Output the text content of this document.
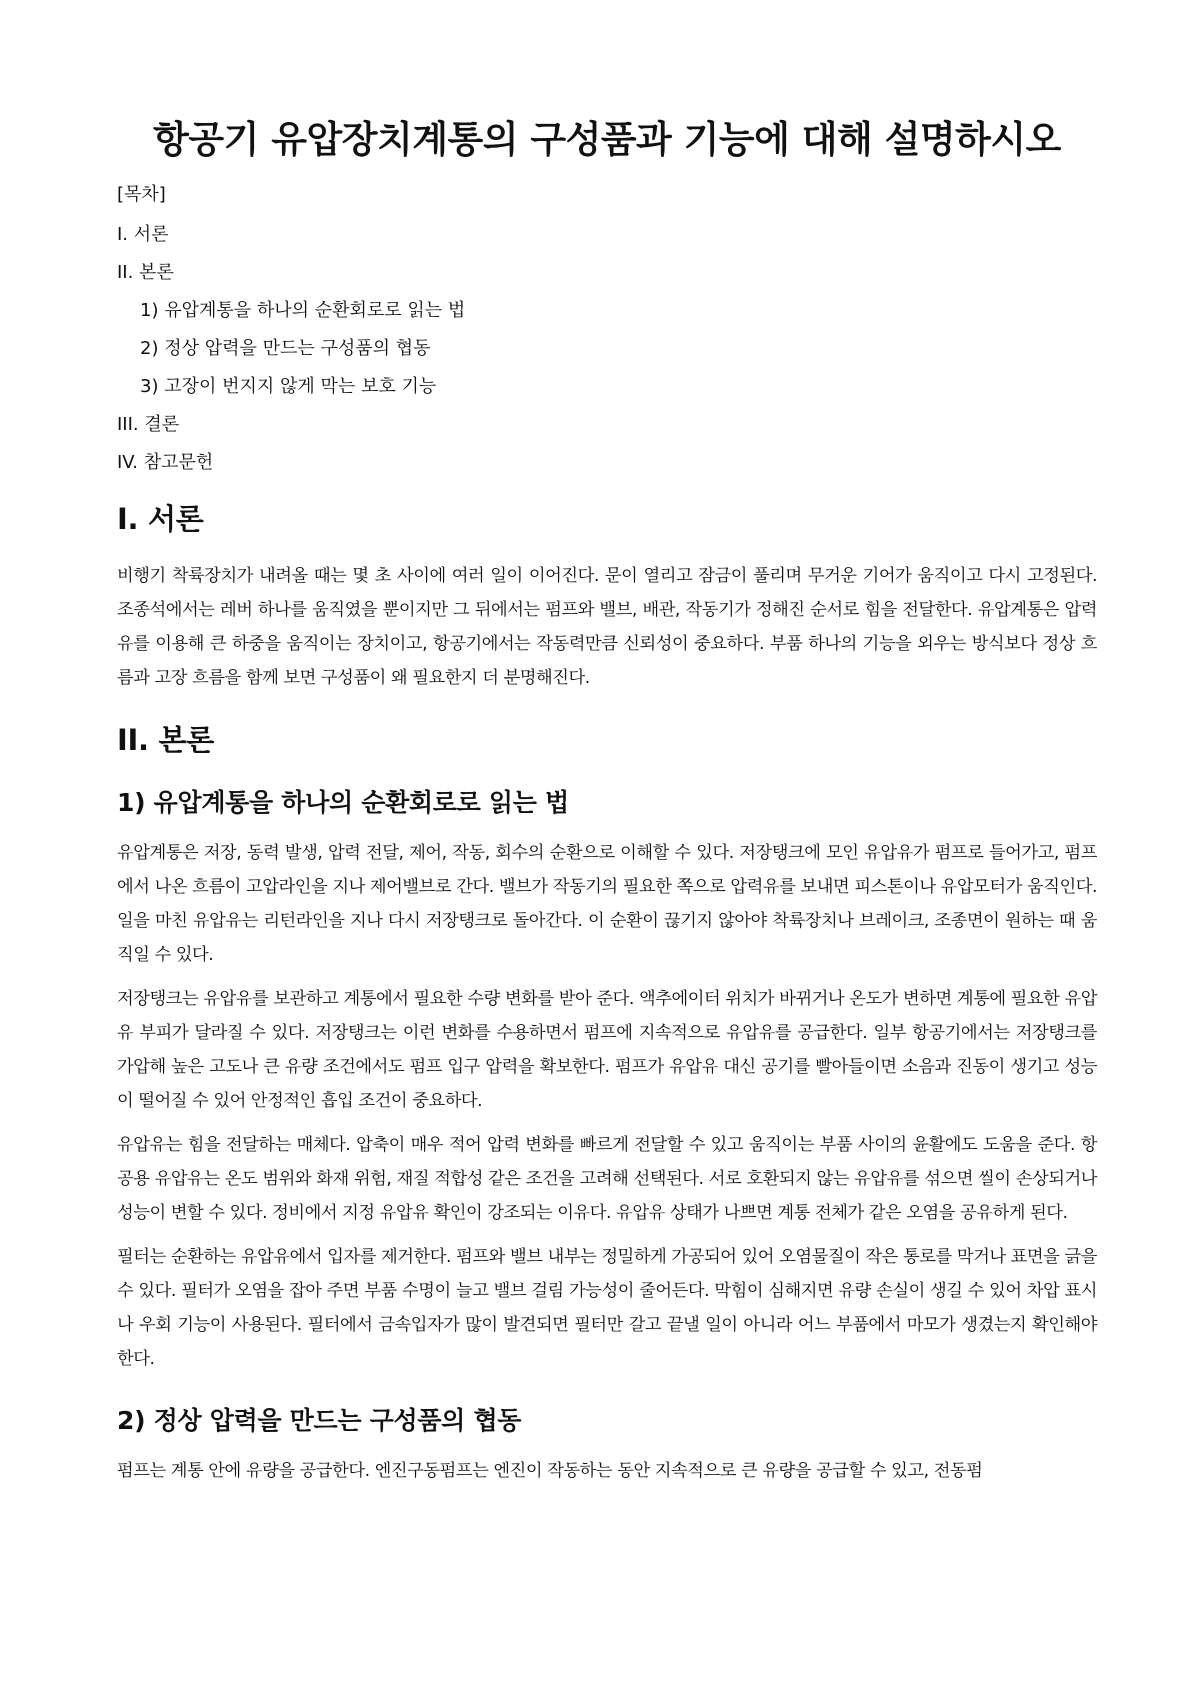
항공기 유압장치계통의 구성품과 기능에 대해 설명하시오
[목차]
I. 서론
II. 본론
1) 유압계통을 하나의 순환회로로 읽는 법
2) 정상 압력을 만드는 구성품의 협동
3) 고장이 번지지 않게 막는 보호 기능
III. 결론
IV. 참고문헌
I. 서론

비행기 착륙장치가 내려올 때는 몇 초 사이에 여러 일이 이어진다. 문이 열리고 잠금이 풀리며 무거운 기어가 움직이고 다시 고정된다. 조종석에서는 레버 하나를 움직였을 뿐이지만 그 뒤에서는 펌프와 밸브, 배관, 작동기가 정해진 순서로 힘을 전달한다. 유압계통은 압력유를 이용해 큰 하중을 움직이는 장치이고, 항공기에서는 작동력만큼 신뢰성이 중요하다. 부품 하나의 기능을 외우는 방식보다 정상 흐름과 고장 흐름을 함께 보면 구성품이 왜 필요한지 더 분명해진다.

II. 본론
1) 유압계통을 하나의 순환회로로 읽는 법

유압계통은 저장, 동력 발생, 압력 전달, 제어, 작동, 회수의 순환으로 이해할 수 있다. 저장탱크에 모인 유압유가 펌프로 들어가고, 펌프에서 나온 흐름이 고압라인을 지나 제어밸브로 간다. 밸브가 작동기의 필요한 쪽으로 압력유를 보내면 피스톤이나 유압모터가 움직인다. 일을 마친 유압유는 리턴라인을 지나 다시 저장탱크로 돌아간다. 이 순환이 끊기지 않아야 착륙장치나 브레이크, 조종면이 원하는 때 움직일 수 있다.

저장탱크는 유압유를 보관하고 계통에서 필요한 수량 변화를 받아 준다. 액추에이터 위치가 바뀌거나 온도가 변하면 계통에 필요한 유압유 부피가 달라질 수 있다. 저장탱크는 이런 변화를 수용하면서 펌프에 지속적으로 유압유를 공급한다. 일부 항공기에서는 저장탱크를 가압해 높은 고도나 큰 유량 조건에서도 펌프 입구 압력을 확보한다. 펌프가 유압유 대신 공기를 빨아들이면 소음과 진동이 생기고 성능이 떨어질 수 있어 안정적인 흡입 조건이 중요하다.

유압유는 힘을 전달하는 매체다. 압축이 매우 적어 압력 변화를 빠르게 전달할 수 있고 움직이는 부품 사이의 윤활에도 도움을 준다. 항공용 유압유는 온도 범위와 화재 위험, 재질 적합성 같은 조건을 고려해 선택된다. 서로 호환되지 않는 유압유를 섞으면 씰이 손상되거나 성능이 변할 수 있다. 정비에서 지정 유압유 확인이 강조되는 이유다. 유압유 상태가 나쁘면 계통 전체가 같은 오염을 공유하게 된다.

필터는 순환하는 유압유에서 입자를 제거한다. 펌프와 밸브 내부는 정밀하게 가공되어 있어 오염물질이 작은 통로를 막거나 표면을 긁을 수 있다. 필터가 오염을 잡아 주면 부품 수명이 늘고 밸브 걸림 가능성이 줄어든다. 막힘이 심해지면 유량 손실이 생길 수 있어 차압 표시나 우회 기능이 사용된다. 필터에서 금속입자가 많이 발견되면 필터만 갈고 끝낼 일이 아니라 어느 부품에서 마모가 생겼는지 확인해야 한다.

2) 정상 압력을 만드는 구성품의 협동

펌프는 계통 안에 유량을 공급한다. 엔진구동펌프는 엔진이 작동하는 동안 지속적으로 큰 유량을 공급할 수 있고, 전동펌
